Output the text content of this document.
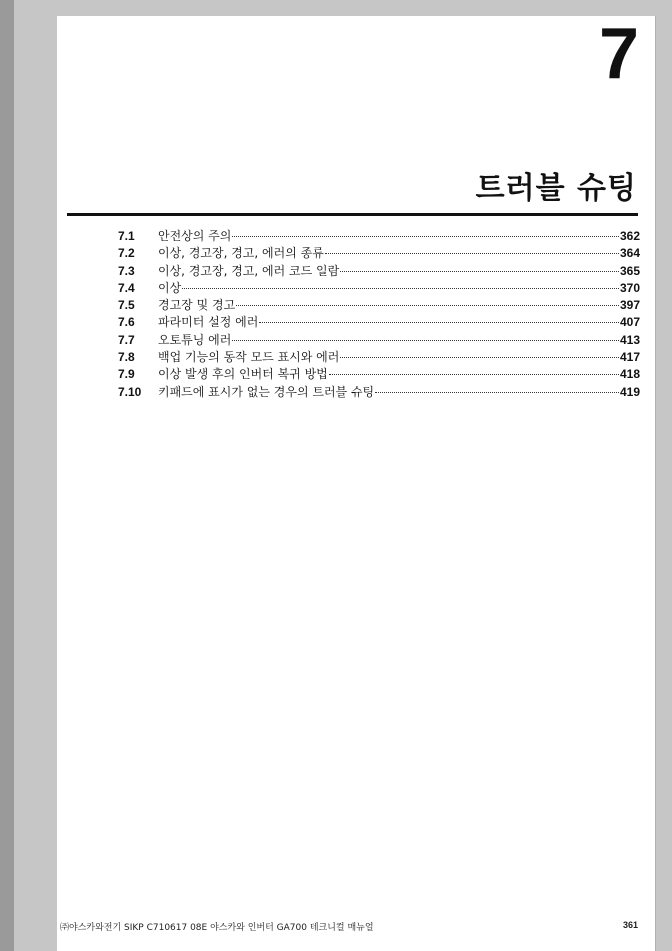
7
트러블 슈팅
7.1	안전상의 주의	362
7.2	이상, 경고장, 경고, 에러의 종류	364
7.3	이상, 경고장, 경고, 에러 코드 일람	365
7.4	이상	370
7.5	경고장 및 경고	397
7.6	파라미터 설정 에러	407
7.7	오토튜닝 에러	413
7.8	백업 기능의 동작 모드 표시와 에러	417
7.9	이상 발생 후의 인버터 복귀 방법	418
7.10	키패드에 표시가 없는 경우의 트러블 슈팅	419
㈜야스카와전기 SIKP C710617 08E 야스카와 인버터 GA700 테크니컬 매뉴얼	361
